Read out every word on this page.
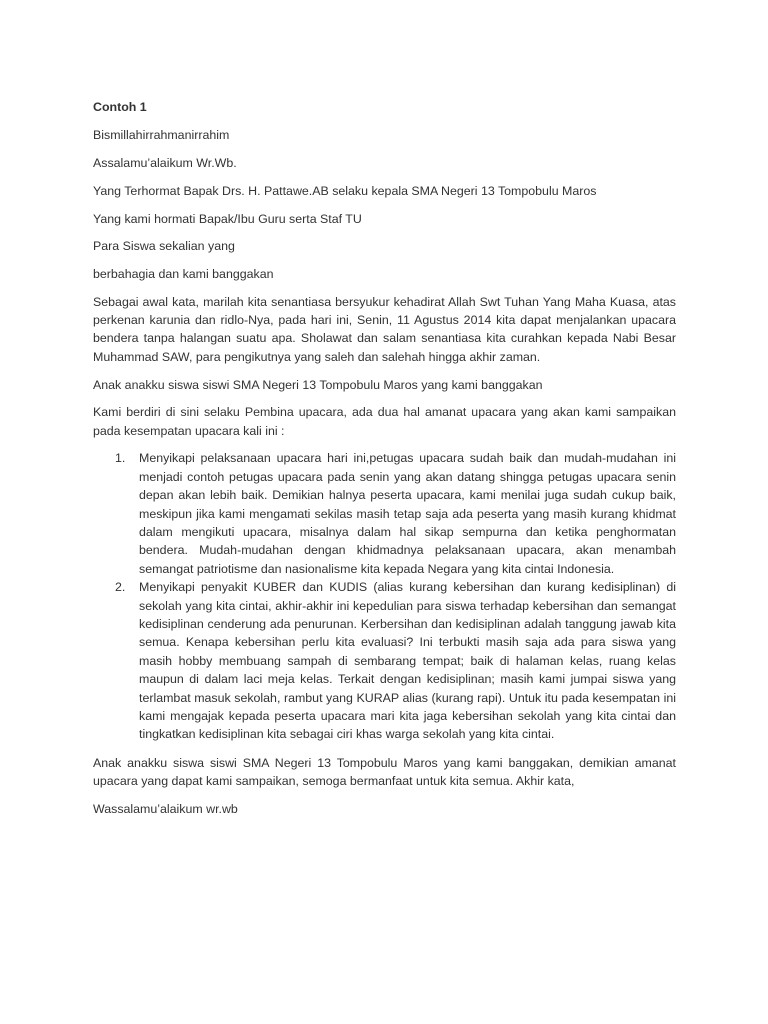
Contoh 1
Bismillahirrahmanirrahim
Assalamu’alaikum Wr.Wb.
Yang Terhormat Bapak Drs. H. Pattawe.AB selaku kepala SMA Negeri 13 Tompobulu Maros
Yang kami hormati Bapak/Ibu Guru serta Staf TU
Para Siswa sekalian yang
berbahagia dan kami banggakan
Sebagai awal kata, marilah kita senantiasa bersyukur kehadirat Allah Swt Tuhan Yang Maha Kuasa, atas perkenan karunia dan ridlo-Nya, pada hari ini, Senin, 11 Agustus 2014 kita dapat menjalankan upacara bendera tanpa halangan suatu apa. Sholawat dan salam senantiasa kita curahkan kepada Nabi Besar Muhammad SAW, para pengikutnya yang saleh dan salehah hingga akhir zaman.
Anak anakku siswa siswi SMA Negeri 13 Tompobulu Maros yang kami banggakan
Kami berdiri di sini selaku Pembina upacara, ada dua hal amanat upacara yang akan kami sampaikan pada kesempatan upacara kali ini :
1. Menyikapi pelaksanaan upacara hari ini,petugas upacara sudah baik dan mudah-mudahan ini menjadi contoh petugas upacara pada senin yang akan datang shingga petugas upacara senin depan akan lebih baik. Demikian halnya peserta upacara, kami menilai juga sudah cukup baik, meskipun jika kami mengamati sekilas masih tetap saja ada peserta yang masih kurang khidmat dalam mengikuti upacara, misalnya dalam hal sikap sempurna dan ketika penghormatan bendera. Mudah-mudahan dengan khidmadnya pelaksanaan upacara, akan menambah semangat patriotisme dan nasionalisme kita kepada Negara yang kita cintai Indonesia.
2. Menyikapi penyakit KUBER dan KUDIS (alias kurang kebersihan dan kurang kedisiplinan) di sekolah yang kita cintai, akhir-akhir ini kepedulian para siswa terhadap kebersihan dan semangat kedisiplinan cenderung ada penurunan. Kerbersihan dan kedisiplinan adalah tanggung jawab kita semua. Kenapa kebersihan perlu kita evaluasi? Ini terbukti masih saja ada para siswa yang masih hobby membuang sampah di sembarang tempat; baik di halaman kelas, ruang kelas maupun di dalam laci meja kelas. Terkait dengan kedisiplinan; masih kami jumpai siswa yang terlambat masuk sekolah, rambut yang KURAP alias (kurang rapi). Untuk itu pada kesempatan ini kami mengajak kepada peserta upacara mari kita jaga kebersihan sekolah yang kita cintai dan tingkatkan kedisiplinan kita sebagai ciri khas warga sekolah yang kita cintai.
Anak anakku siswa siswi SMA Negeri 13 Tompobulu Maros yang kami banggakan, demikian amanat upacara yang dapat kami sampaikan, semoga bermanfaat untuk kita semua. Akhir kata,
Wassalamu’alaikum wr.wb
